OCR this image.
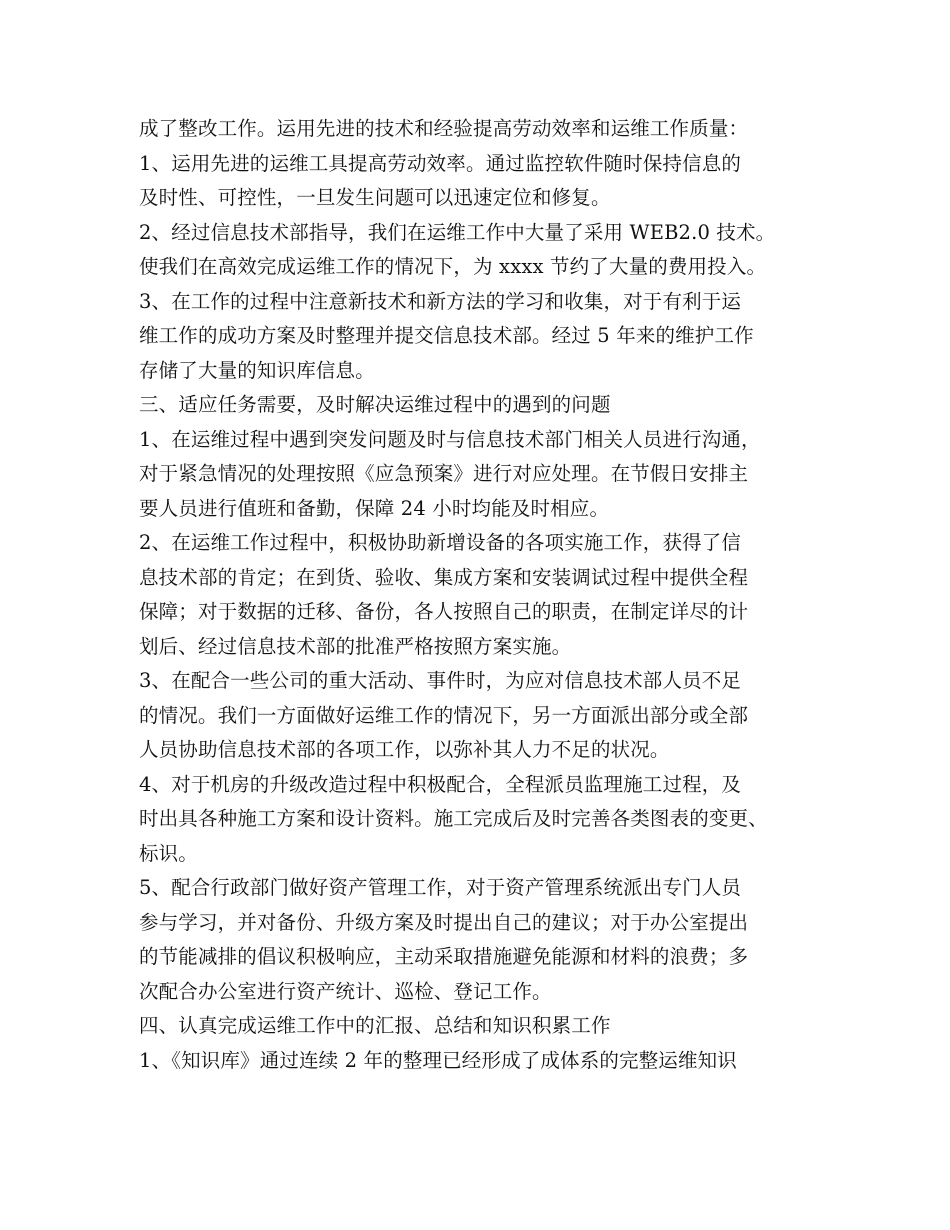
成了整改工作。运用先进的技术和经验提高劳动效率和运维工作质量：
1、运用先进的运维工具提高劳动效率。通过监控软件随时保持信息的
及时性、可控性，一旦发生问题可以迅速定位和修复。
2、经过信息技术部指导，我们在运维工作中大量了采用 WEB2.0 技术。
使我们在高效完成运维工作的情况下，为 xxxx 节约了大量的费用投入。
3、在工作的过程中注意新技术和新方法的学习和收集，对于有利于运
维工作的成功方案及时整理并提交信息技术部。经过 5 年来的维护工作
存储了大量的知识库信息。
三、适应任务需要，及时解决运维过程中的遇到的问题
1、在运维过程中遇到突发问题及时与信息技术部门相关人员进行沟通，
对于紧急情况的处理按照《应急预案》进行对应处理。在节假日安排主
要人员进行值班和备勤，保障 24 小时均能及时相应。
2、在运维工作过程中，积极协助新增设备的各项实施工作，获得了信
息技术部的肯定；在到货、验收、集成方案和安装调试过程中提供全程
保障；对于数据的迁移、备份，各人按照自己的职责，在制定详尽的计
划后、经过信息技术部的批准严格按照方案实施。
3、在配合一些公司的重大活动、事件时，为应对信息技术部人员不足
的情况。我们一方面做好运维工作的情况下，另一方面派出部分或全部
人员协助信息技术部的各项工作，以弥补其人力不足的状况。
4、对于机房的升级改造过程中积极配合，全程派员监理施工过程，及
时出具各种施工方案和设计资料。施工完成后及时完善各类图表的变更、
标识。
5、配合行政部门做好资产管理工作，对于资产管理系统派出专门人员
参与学习，并对备份、升级方案及时提出自己的建议；对于办公室提出
的节能减排的倡议积极响应，主动采取措施避免能源和材料的浪费；多
次配合办公室进行资产统计、巡检、登记工作。
四、认真完成运维工作中的汇报、总结和知识积累工作
1、《知识库》通过连续 2 年的整理已经形成了成体系的完整运维知识
